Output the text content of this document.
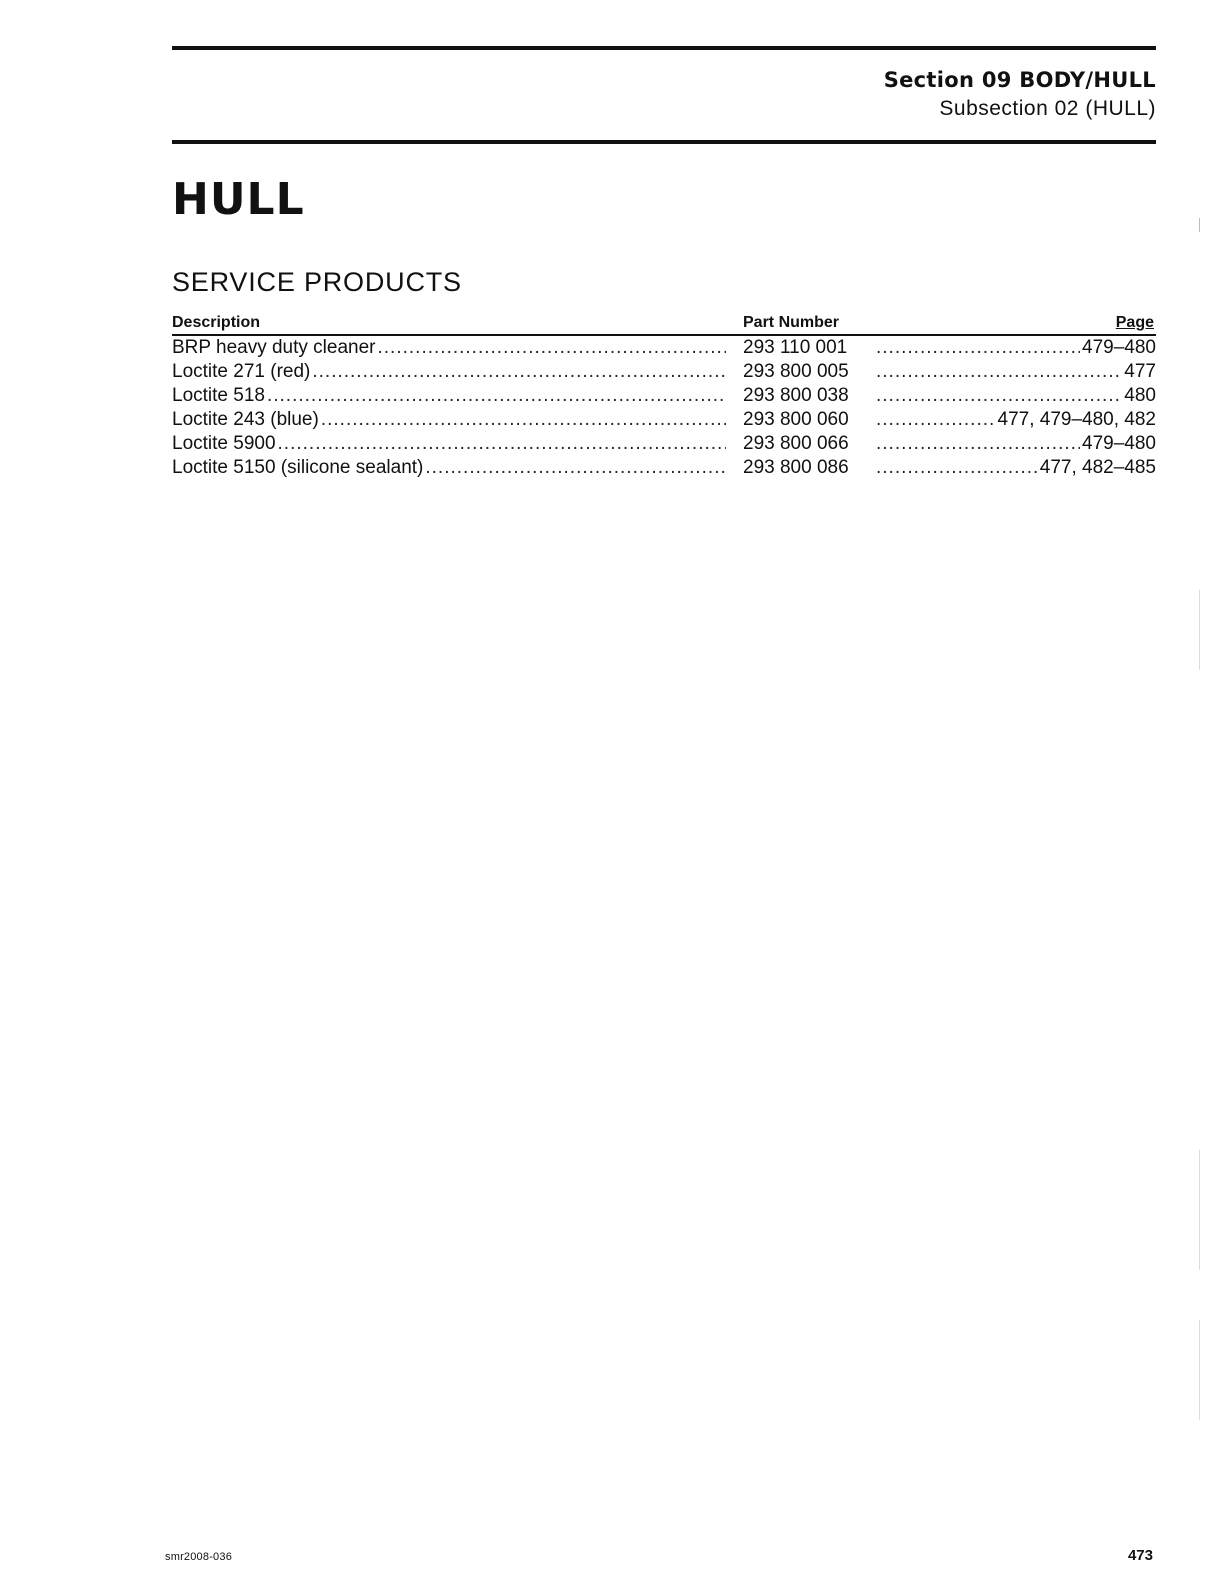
Section 09 BODY/HULL
Subsection 02 (HULL)
HULL
SERVICE PRODUCTS
Description	Part Number	Page
BRP heavy duty cleaner .....	293 110 001 .....	479–480
Loctite 271 (red) .....	293 800 005 .....	477
Loctite 518 .....	293 800 038 .....	480
Loctite 243 (blue) .....	293 800 060 .....	477, 479–480, 482
Loctite 5900 .....	293 800 066 .....	479–480
Loctite 5150 (silicone sealant) .....	293 800 086 .....	477, 482–485
smr2008-036	473
